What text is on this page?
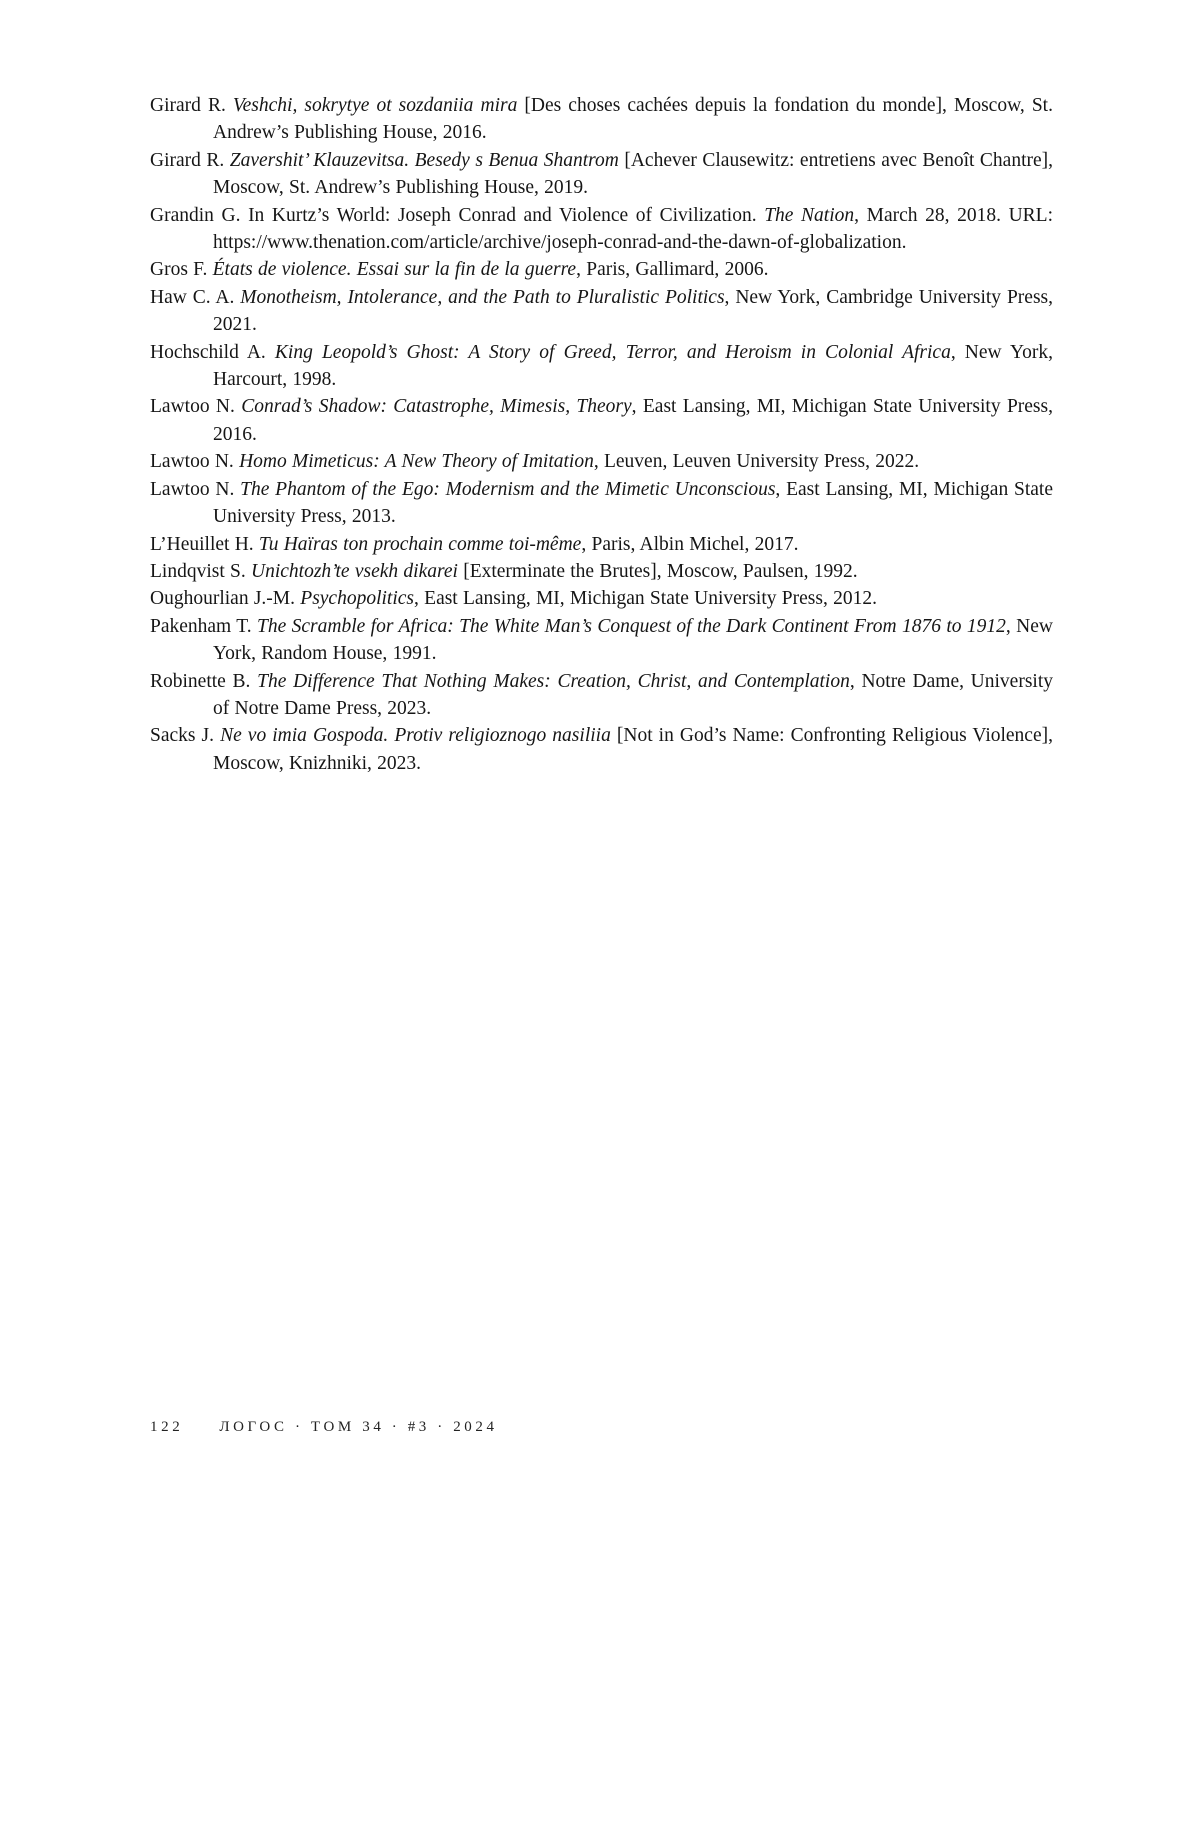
Girard R. Veshchi, sokrytye ot sozdaniia mira [Des choses cachées depuis la fondation du monde], Moscow, St. Andrew’s Publishing House, 2016.

Girard R. Zavershit’ Klauzevitsa. Besedy s Benua Shantrom [Achever Clausewitz: entretiens avec Benoît Chantre], Moscow, St. Andrew’s Publishing House, 2019.

Grandin G. In Kurtz’s World: Joseph Conrad and Violence of Civilization. The Nation, March 28, 2018. URL: https://www.thenation.com/article/archive/joseph-conrad-and-the-dawn-of-globalization.

Gros F. États de violence. Essai sur la fin de la guerre, Paris, Gallimard, 2006.

Haw C. A. Monotheism, Intolerance, and the Path to Pluralistic Politics, New York, Cambridge University Press, 2021.

Hochschild A. King Leopold’s Ghost: A Story of Greed, Terror, and Heroism in Colonial Africa, New York, Harcourt, 1998.

Lawtoo N. Conrad’s Shadow: Catastrophe, Mimesis, Theory, East Lansing, MI, Michigan State University Press, 2016.

Lawtoo N. Homo Mimeticus: A New Theory of Imitation, Leuven, Leuven University Press, 2022.

Lawtoo N. The Phantom of the Ego: Modernism and the Mimetic Unconscious, East Lansing, MI, Michigan State University Press, 2013.

L’Heuillet H. Tu Haïras ton prochain comme toi-même, Paris, Albin Michel, 2017.

Lindqvist S. Unichtozh’te vsekh dikarei [Exterminate the Brutes], Moscow, Paulsen, 1992.

Oughourlian J.-M. Psychopolitics, East Lansing, MI, Michigan State University Press, 2012.

Pakenham T. The Scramble for Africa: The White Man’s Conquest of the Dark Continent From 1876 to 1912, New York, Random House, 1991.

Robinette B. The Difference That Nothing Makes: Creation, Christ, and Contemplation, Notre Dame, University of Notre Dame Press, 2023.

Sacks J. Ne vo imia Gospoda. Protiv religioznogo nasiliia [Not in God’s Name: Confronting Religious Violence], Moscow, Knizhniki, 2023.

122 ЛОГОС · ТОМ 34 · #3 · 2024
